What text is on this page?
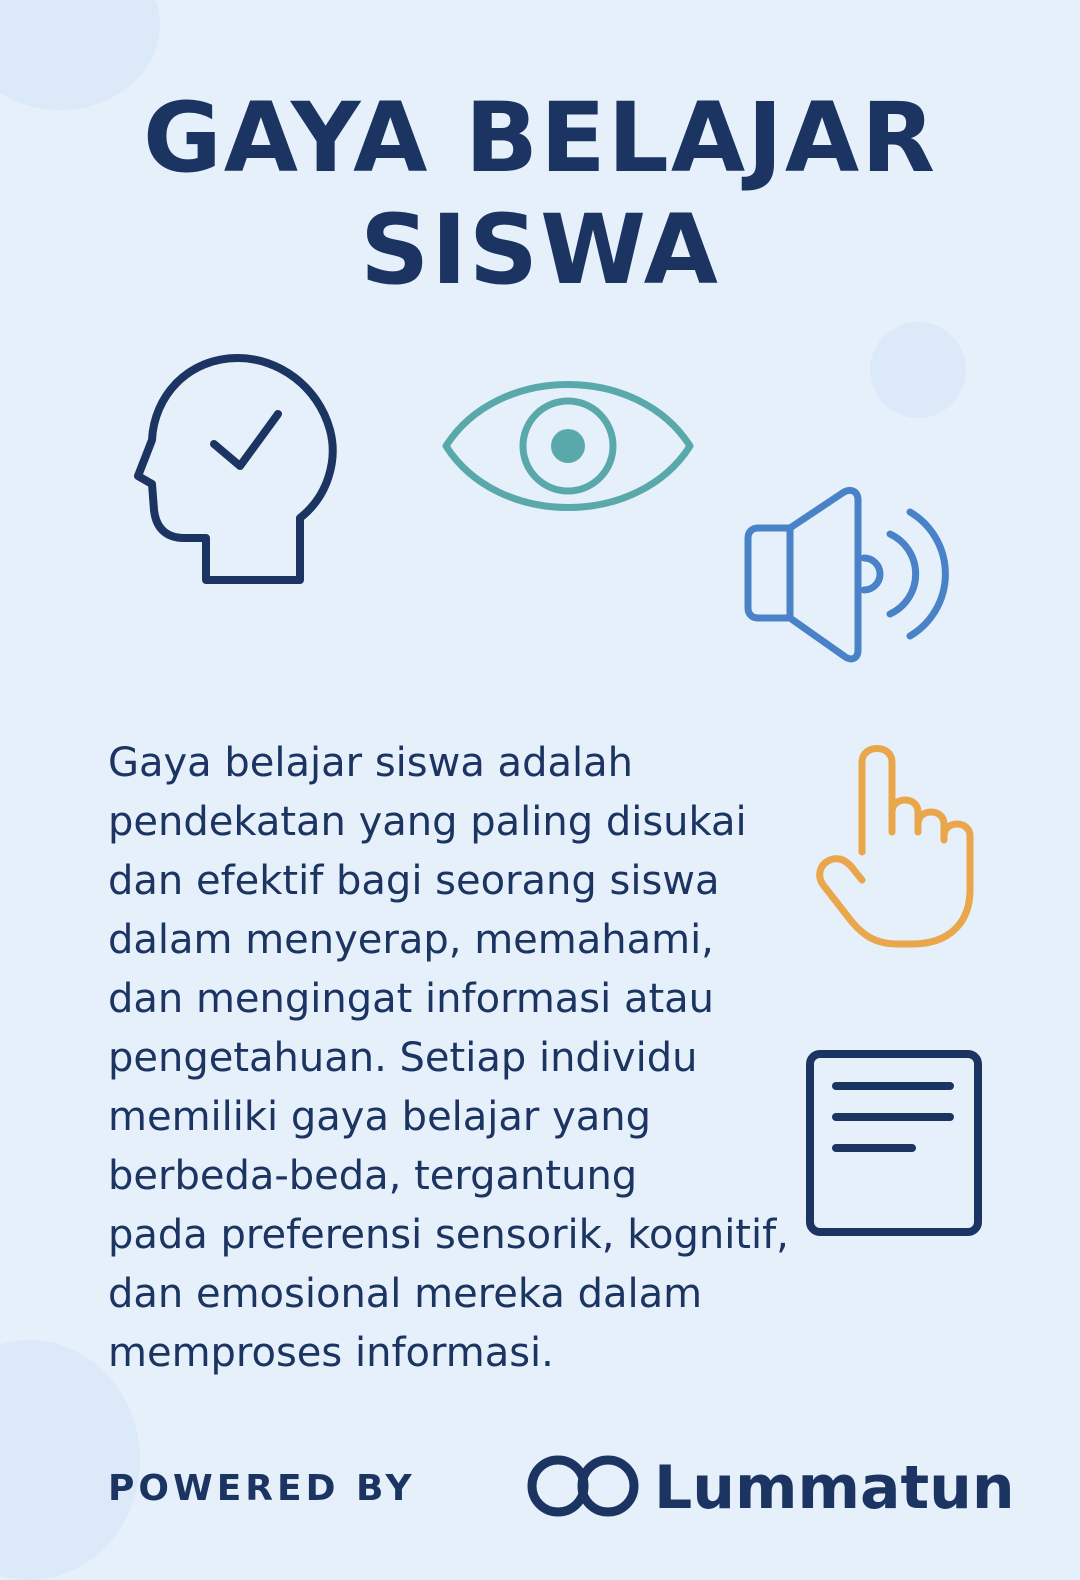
GAYA BELAJAR
SISWA
Gaya belajar siswa adalah
pendekatan yang paling disukai
dan efektif bagi seorang siswa
dalam menyerap, memahami,
dan mengingat informasi atau
pengetahuan. Setiap individu
memiliki gaya belajar yang
berbeda-beda, tergantung
pada preferensi sensorik, kognitif,
dan emosional mereka dalam
memproses informasi.
POWERED BY	Lummatun
